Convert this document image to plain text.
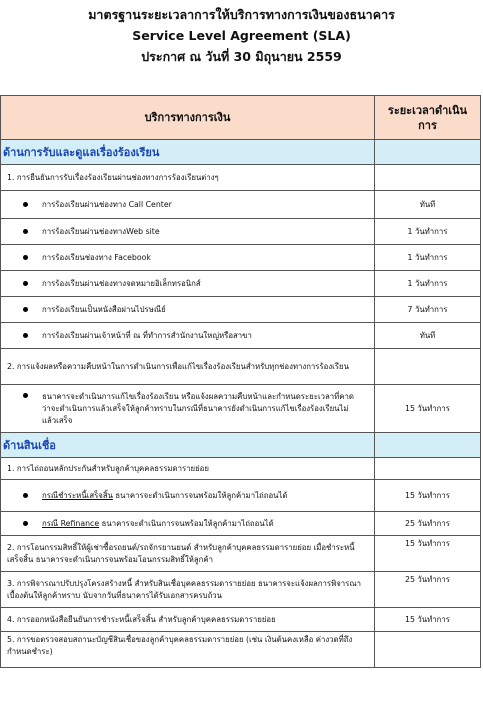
มาตรฐานระยะเวลาการให้บริการทางการเงินของธนาคาร
Service Level Agreement (SLA)
ประกาศ ณ วันที่ 30 มิถุนายน 2559
บริการทางการเงิน	ระยะเวลาดำเนินการ
ด้านการรับและดูแลเรื่องร้องเรียน	
1. การยืนยันการรับเรื่องร้องเรียนผ่านช่องทางการร้องเรียนต่างๆ	
การร้องเรียนผ่านช่องทาง Call Center	ทันที
การร้องเรียนผ่านช่องทางWeb site	1 วันทำการ
การร้องเรียนช่องทาง Facebook	1 วันทำการ
การร้องเรียนผ่านช่องทางจดหมายอิเล็กทรอนิกส์	1 วันทำการ
การร้องเรียนเป็นหนังสือผ่านไปรษณีย์	7 วันทำการ
การร้องเรียนผ่านเจ้าหน้าที่ ณ ที่ทำการสำนักงานใหญ่หรือสาขา	ทันที
2. การแจ้งผลหรือความคืบหน้าในการดำเนินการเพื่อแก้ไขเรื่องร้องเรียนสำหรับทุกช่องทางการร้องเรียน	
ธนาคารจะดำเนินการแก้ไขเรื่องร้องเรียน หรือแจ้งผลความคืบหน้าและกำหนดระยะเวลาที่คาดว่าจะดำเนินการแล้วเสร็จให้ลูกค้าทราบในกรณีที่ธนาคารยังดำเนินการแก้ไขเรื่องร้องเรียนไม่แล้วเสร็จ	15 วันทำการ
ด้านสินเชื่อ	
1. การไถ่ถอนหลักประกันสำหรับลูกค้าบุคคลธรรมดารายย่อย	
กรณีชำระหนี้เสร็จสิ้น ธนาคารจะดำเนินการจนพร้อมให้ลูกค้ามาไถ่ถอนได้	15 วันทำการ
กรณี Refinance ธนาคารจะดำเนินการจนพร้อมให้ลูกค้ามาไถ่ถอนได้	25 วันทำการ
2. การโอนกรรมสิทธิ์ให้ผู้เช่าซื้อรถยนต์/รถจักรยานยนต์ สำหรับลูกค้าบุคคลธรรมดารายย่อย เมื่อชำระหนี้เสร็จสิ้น ธนาคารจะดำเนินการจนพร้อมโอนกรรมสิทธิ์ให้ลูกค้า	15 วันทำการ
3. การพิจารณาปรับปรุงโครงสร้างหนี้ สำหรับสินเชื่อบุคคลธรรมดารายย่อย ธนาคารจะแจ้งผลการพิจารณาเบื้องต้นให้ลูกค้าทราบ นับจากวันที่ธนาคารได้รับเอกสารครบถ้วน	25 วันทำการ
4. การออกหนังสือยืนยันการชำระหนี้เสร็จสิ้น สำหรับลูกค้าบุคคลธรรมดารายย่อย	15 วันทำการ
5. การขอตรวจสอบสถานะบัญชีสินเชื่อของลูกค้าบุคคลธรรมดารายย่อย (เช่น เงินต้นคงเหลือ ค่างวดที่ถึงกำหนดชำระ)	
